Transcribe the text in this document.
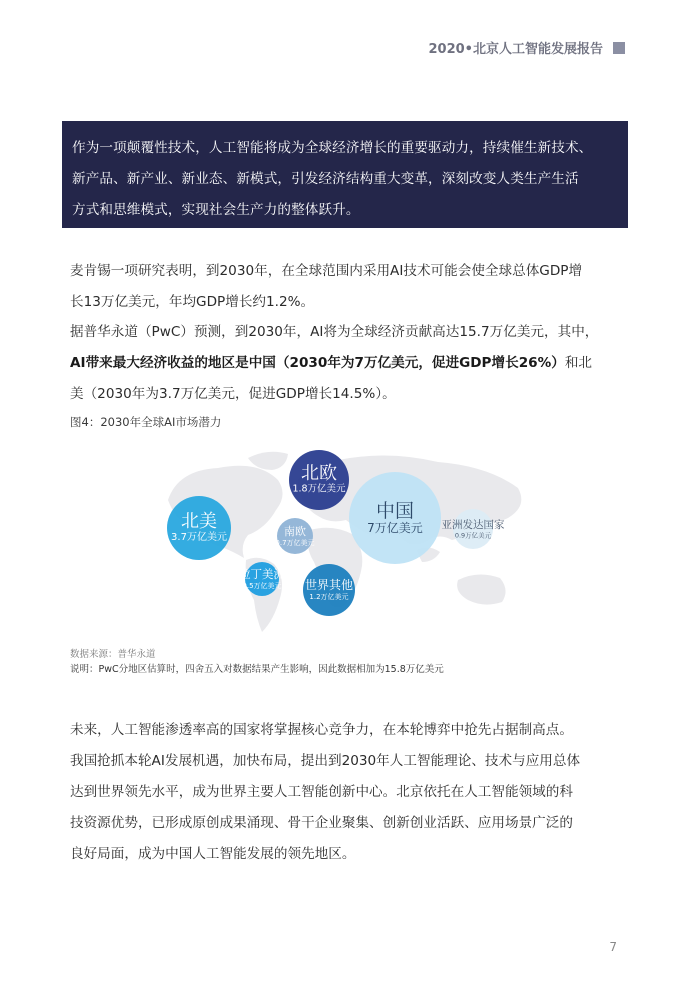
2020•北京人工智能发展报告

作为一项颠覆性技术，人工智能将成为全球经济增长的重要驱动力，持续催生新技术、

新产品、新产业、新业态、新模式，引发经济结构重大变革，深刻改变人类生产生活

方式和思维模式，实现社会生产力的整体跃升。

麦肯锡一项研究表明，到2030年，在全球范围内采用AI技术可能会使全球总体GDP增
长13万亿美元，年均GDP增长约1.2%。
据普华永道（PwC）预测，到2030年，AI将为全球经济贡献高达15.7万亿美元，其中，
AI带来最大经济收益的地区是中国（2030年为7万亿美元，促进GDP增长26%）和北
美（2030年为3.7万亿美元，促进GDP增长14.5%）。
图4：2030年全球AI市场潜力
北欧
1.8万亿美元
中国
7万亿美元
北美
3.7万亿美元	南欧
0.7万亿美元
亚洲发达国家
0.9万亿美元
拉丁美洲
0.5万亿美元 世界其他
1.2万亿美元
数据来源：普华永道
说明：PwC分地区估算时，四舍五入对数据结果产生影响，因此数据相加为15.8万亿美元
未来，人工智能渗透率高的国家将掌握核心竞争力，在本轮博弈中抢先占据制高点。
我国抢抓本轮AI发展机遇，加快布局，提出到2030年人工智能理论、技术与应用总体
达到世界领先水平，成为世界主要人工智能创新中心。北京依托在人工智能领域的科
技资源优势，已形成原创成果涌现、骨干企业聚集、创新创业活跃、应用场景广泛的
良好局面，成为中国人工智能发展的领先地区。
7
